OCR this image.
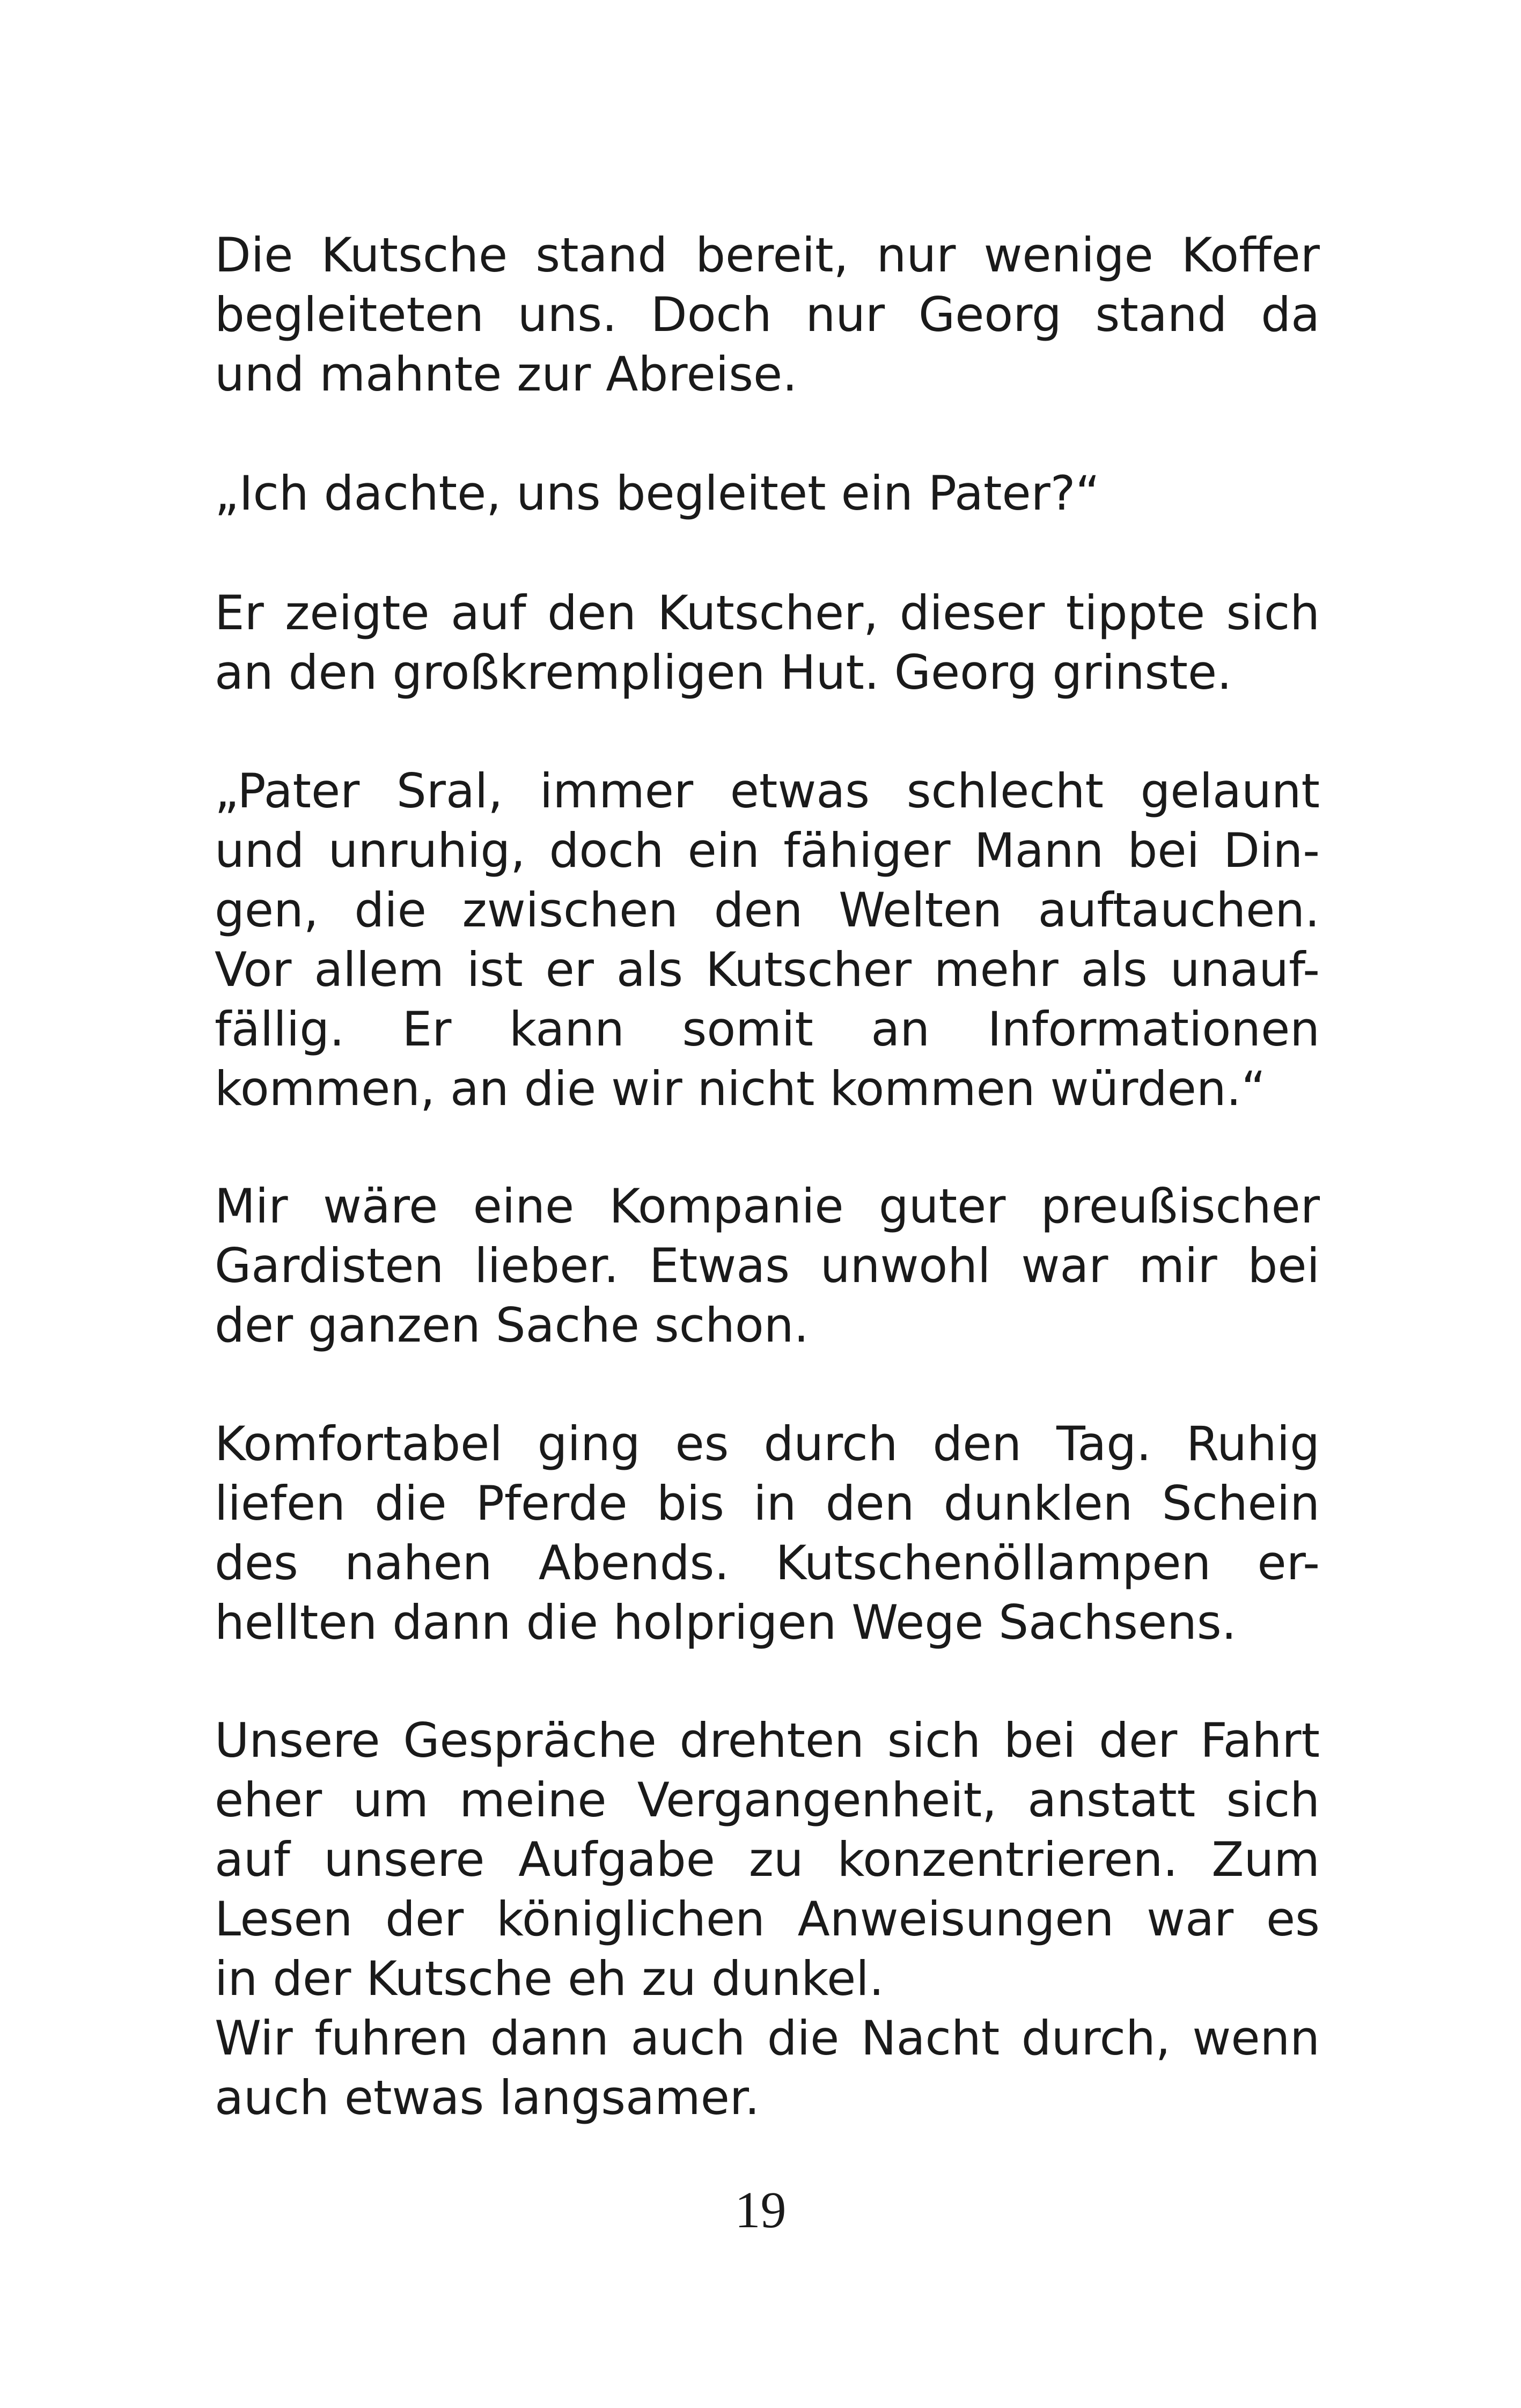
Die Kutsche stand bereit, nur wenige Koffer
begleiteten uns. Doch nur Georg stand da
und mahnte zur Abreise.

„Ich dachte, uns begleitet ein Pater?“

Er zeigte auf den Kutscher, dieser tippte sich
an den großkrempligen Hut. Georg grinste.

„Pater Sral, immer etwas schlecht gelaunt
und unruhig, doch ein fähiger Mann bei Din-
gen, die zwischen den Welten auftauchen.
Vor allem ist er als Kutscher mehr als unauf-
fällig. Er kann somit an Informationen
kommen, an die wir nicht kommen würden.“

Mir wäre eine Kompanie guter preußischer
Gardisten lieber. Etwas unwohl war mir bei
der ganzen Sache schon.

Komfortabel ging es durch den Tag. Ruhig
liefen die Pferde bis in den dunklen Schein
des nahen Abends. Kutschenöllampen er-
hellten dann die holprigen Wege Sachsens.

Unsere Gespräche drehten sich bei der Fahrt
eher um meine Vergangenheit, anstatt sich
auf unsere Aufgabe zu konzentrieren. Zum
Lesen der königlichen Anweisungen war es
in der Kutsche eh zu dunkel.
Wir fuhren dann auch die Nacht durch, wenn
auch etwas langsamer.

19
